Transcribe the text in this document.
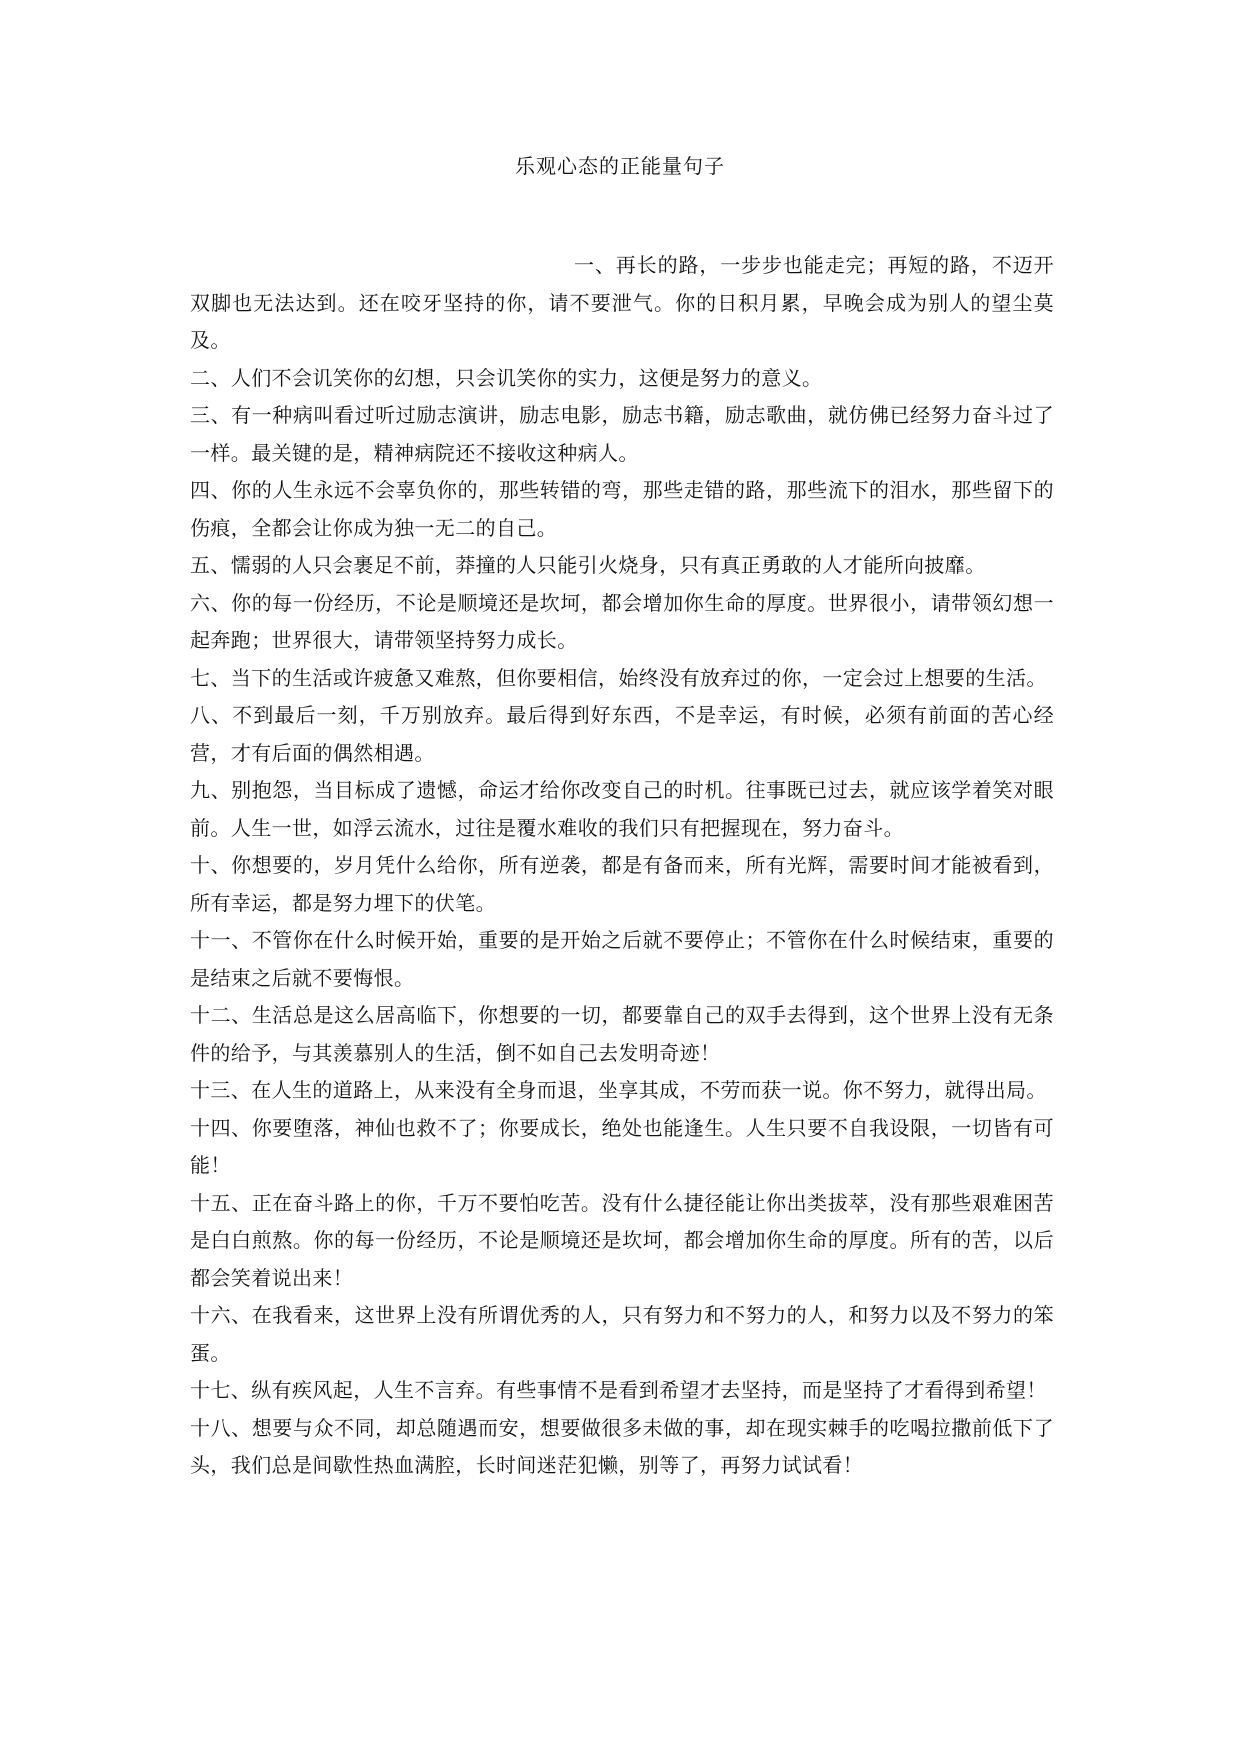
乐观心态的正能量句子

一、再长的路，一步步也能走完；再短的路，不迈开双脚也无法达到。还在咬牙坚持的你，请不要泄气。你的日积月累，早晚会成为别人的望尘莫及。

二、人们不会讥笑你的幻想，只会讥笑你的实力，这便是努力的意义。

三、有一种病叫看过听过励志演讲，励志电影，励志书籍，励志歌曲，就仿佛已经努力奋斗过了一样。最关键的是，精神病院还不接收这种病人。

四、你的人生永远不会辜负你的，那些转错的弯，那些走错的路，那些流下的泪水，那些留下的伤痕，全都会让你成为独一无二的自己。

五、懦弱的人只会裹足不前，莽撞的人只能引火烧身，只有真正勇敢的人才能所向披靡。

六、你的每一份经历，不论是顺境还是坎坷，都会增加你生命的厚度。世界很小，请带领幻想一起奔跑；世界很大，请带领坚持努力成长。

七、当下的生活或许疲惫又难熬，但你要相信，始终没有放弃过的你，一定会过上想要的生活。

八、不到最后一刻，千万别放弃。最后得到好东西，不是幸运，有时候，必须有前面的苦心经营，才有后面的偶然相遇。

九、别抱怨，当目标成了遗憾，命运才给你改变自己的时机。往事既已过去，就应该学着笑对眼前。人生一世，如浮云流水，过往是覆水难收的我们只有把握现在，努力奋斗。

十、你想要的，岁月凭什么给你，所有逆袭，都是有备而来，所有光辉，需要时间才能被看到，所有幸运，都是努力埋下的伏笔。

十一、不管你在什么时候开始，重要的是开始之后就不要停止；不管你在什么时候结束，重要的是结束之后就不要悔恨。

十二、生活总是这么居高临下，你想要的一切，都要靠自己的双手去得到，这个世界上没有无条件的给予，与其羡慕别人的生活，倒不如自己去发明奇迹！

十三、在人生的道路上，从来没有全身而退，坐享其成，不劳而获一说。你不努力，就得出局。

十四、你要堕落，神仙也救不了；你要成长，绝处也能逢生。人生只要不自我设限，一切皆有可能！

十五、正在奋斗路上的你，千万不要怕吃苦。没有什么捷径能让你出类拔萃，没有那些艰难困苦是白白煎熬。你的每一份经历，不论是顺境还是坎坷，都会增加你生命的厚度。所有的苦，以后都会笑着说出来！

十六、在我看来，这世界上没有所谓优秀的人，只有努力和不努力的人，和努力以及不努力的笨蛋。

十七、纵有疾风起，人生不言弃。有些事情不是看到希望才去坚持，而是坚持了才看得到希望！

十八、想要与众不同，却总随遇而安，想要做很多未做的事，却在现实棘手的吃喝拉撒前低下了头，我们总是间歇性热血满腔，长时间迷茫犯懒，别等了，再努力试试看！
